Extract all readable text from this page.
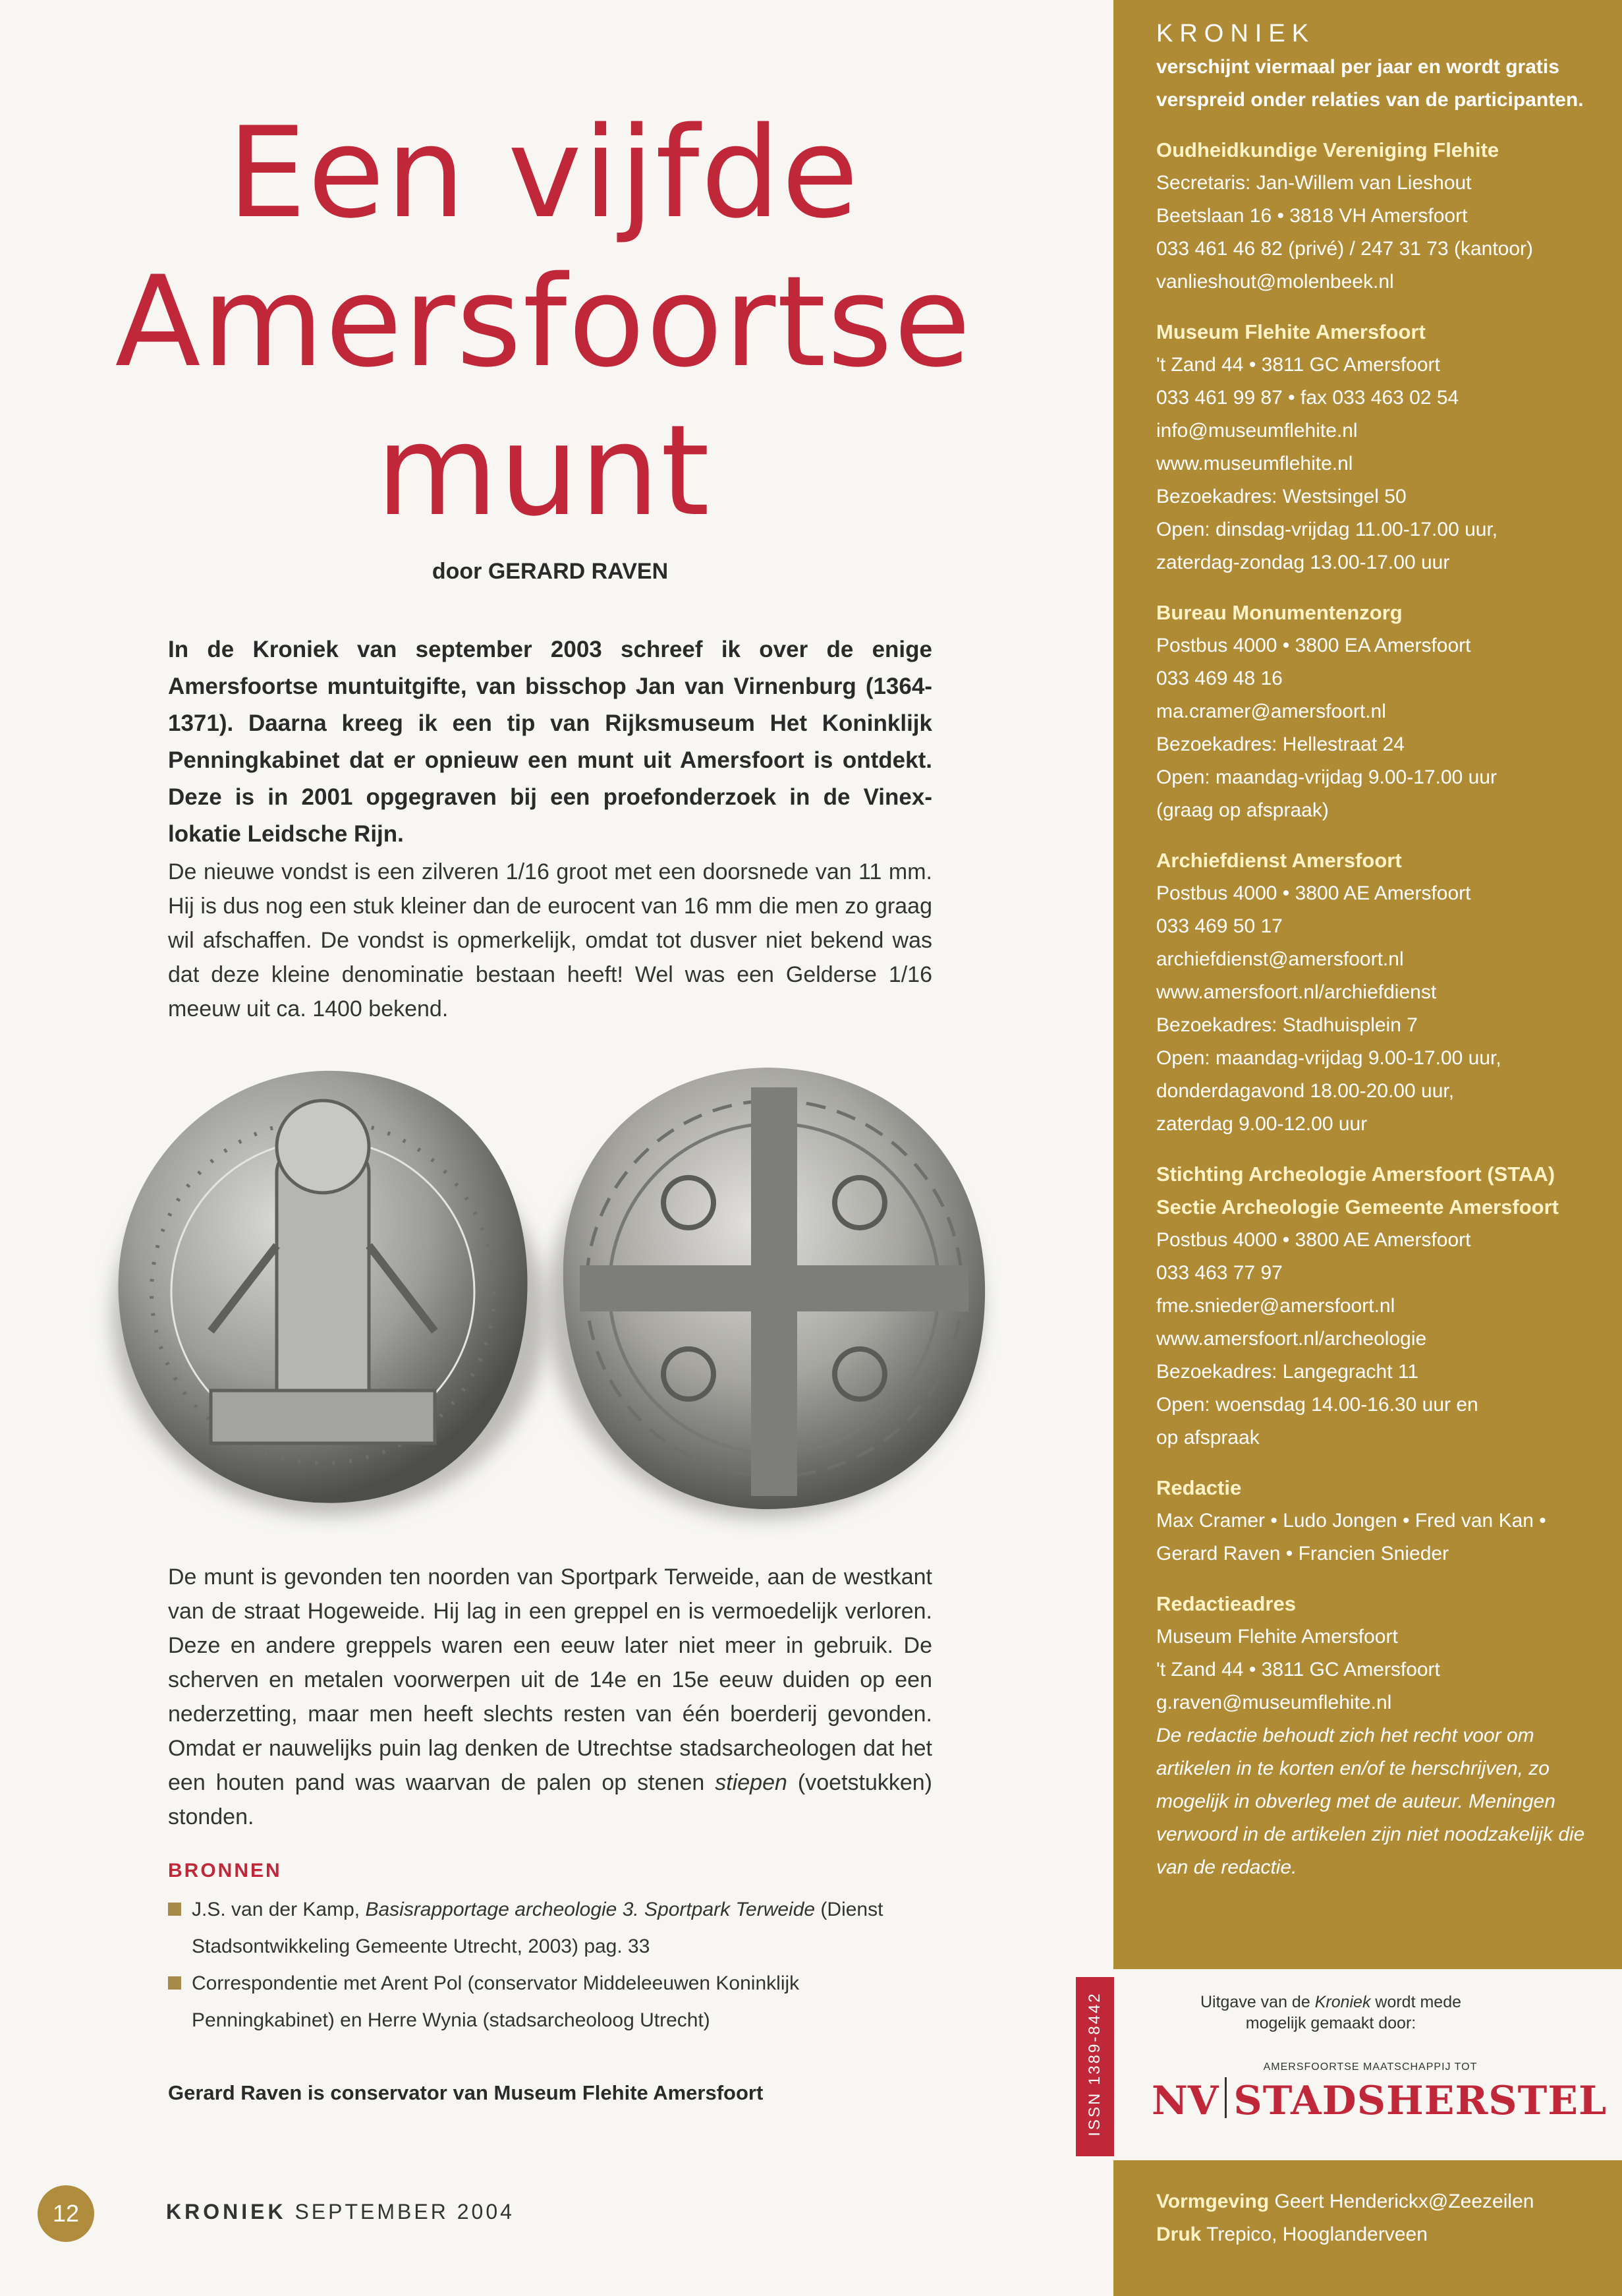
Een vijfde
Amersfoortse
munt
door GERARD RAVEN

In de Kroniek van september 2003 schreef ik over de enige Amersfoortse muntuitgifte, van bisschop Jan van Virnenburg (1364-1371). Daarna kreeg ik een tip van Rijksmuseum Het Koninklijk Penningkabinet dat er opnieuw een munt uit Amersfoort is ontdekt. Deze is in 2001 opgegraven bij een proefonderzoek in de Vinex-lokatie Leidsche Rijn.

De nieuwe vondst is een zilveren 1/16 groot met een doorsnede van 11 mm. Hij is dus nog een stuk kleiner dan de eurocent van 16 mm die men zo graag wil afschaffen. De vondst is opmerkelijk, omdat tot dusver niet bekend was dat deze kleine denominatie bestaan heeft! Wel was een Gelderse 1/16 meeuw uit ca. 1400 bekend.

De munt is gevonden ten noorden van Sportpark Terweide, aan de westkant van de straat Hogeweide. Hij lag in een greppel en is vermoedelijk verloren. Deze en andere greppels waren een eeuw later niet meer in gebruik. De scherven en metalen voorwerpen uit de 14e en 15e eeuw duiden op een nederzetting, maar men heeft slechts resten van één boerderij gevonden. Omdat er nauwelijks puin lag denken de Utrechtse stadsarcheologen dat het een houten pand was waarvan de palen op stenen stiepen (voetstukken) stonden.

BRONNEN
J.S. van der Kamp, Basisrapportage archeologie 3. Sportpark Terweide (Dienst Stadsontwikkeling Gemeente Utrecht, 2003) pag. 33
Correspondentie met Arent Pol (conservator Middeleeuwen Koninklijk Penningkabinet) en Herre Wynia (stadsarcheoloog Utrecht)
Gerard Raven is conservator van Museum Flehite Amersfoort
12	KRONIEK SEPTEMBER 2004
KRONIEK
verschijnt viermaal per jaar en wordt gratis verspreid onder relaties van de participanten.
Oudheidkundige Vereniging Flehite
Secretaris: Jan-Willem van Lieshout
Beetslaan 16 • 3818 VH Amersfoort
033 461 46 82 (privé) / 247 31 73 (kantoor)
vanlieshout@molenbeek.nl
Museum Flehite Amersfoort
't Zand 44 • 3811 GC Amersfoort
033 461 99 87 • fax 033 463 02 54
info@museumflehite.nl
www.museumflehite.nl
Bezoekadres: Westsingel 50
Open: dinsdag-vrijdag 11.00-17.00 uur,
zaterdag-zondag 13.00-17.00 uur
Bureau Monumentenzorg
Postbus 4000 • 3800 EA Amersfoort
033 469 48 16
ma.cramer@amersfoort.nl
Bezoekadres: Hellestraat 24
Open: maandag-vrijdag 9.00-17.00 uur
(graag op afspraak)
Archiefdienst Amersfoort
Postbus 4000 • 3800 AE Amersfoort
033 469 50 17
archiefdienst@amersfoort.nl
www.amersfoort.nl/archiefdienst
Bezoekadres: Stadhuisplein 7
Open: maandag-vrijdag 9.00-17.00 uur,
donderdagavond 18.00-20.00 uur,
zaterdag 9.00-12.00 uur
Stichting Archeologie Amersfoort (STAA)
Sectie Archeologie Gemeente Amersfoort
Postbus 4000 • 3800 AE Amersfoort
033 463 77 97
fme.snieder@amersfoort.nl
www.amersfoort.nl/archeologie
Bezoekadres: Langegracht 11
Open: woensdag 14.00-16.30 uur en
op afspraak
Redactie
Max Cramer • Ludo Jongen • Fred van Kan •
Gerard Raven • Francien Snieder
Redactieadres
Museum Flehite Amersfoort
't Zand 44 • 3811 GC Amersfoort
g.raven@museumflehite.nl
De redactie behoudt zich het recht voor om artikelen in te korten en/of te herschrijven, zo mogelijk in obverleg met de auteur. Meningen verwoord in de artikelen zijn niet noodzakelijk die van de redactie.
ISSN 1389-8442	Uitgave van de Kroniek wordt mede mogelijk gemaakt door:
AMERSFOORTSE MAATSCHAPPIJ TOT
NV STADSHERSTEL
Vormgeving Geert Henderickx@Zeezeilen
Druk Trepico, Hooglanderveen
